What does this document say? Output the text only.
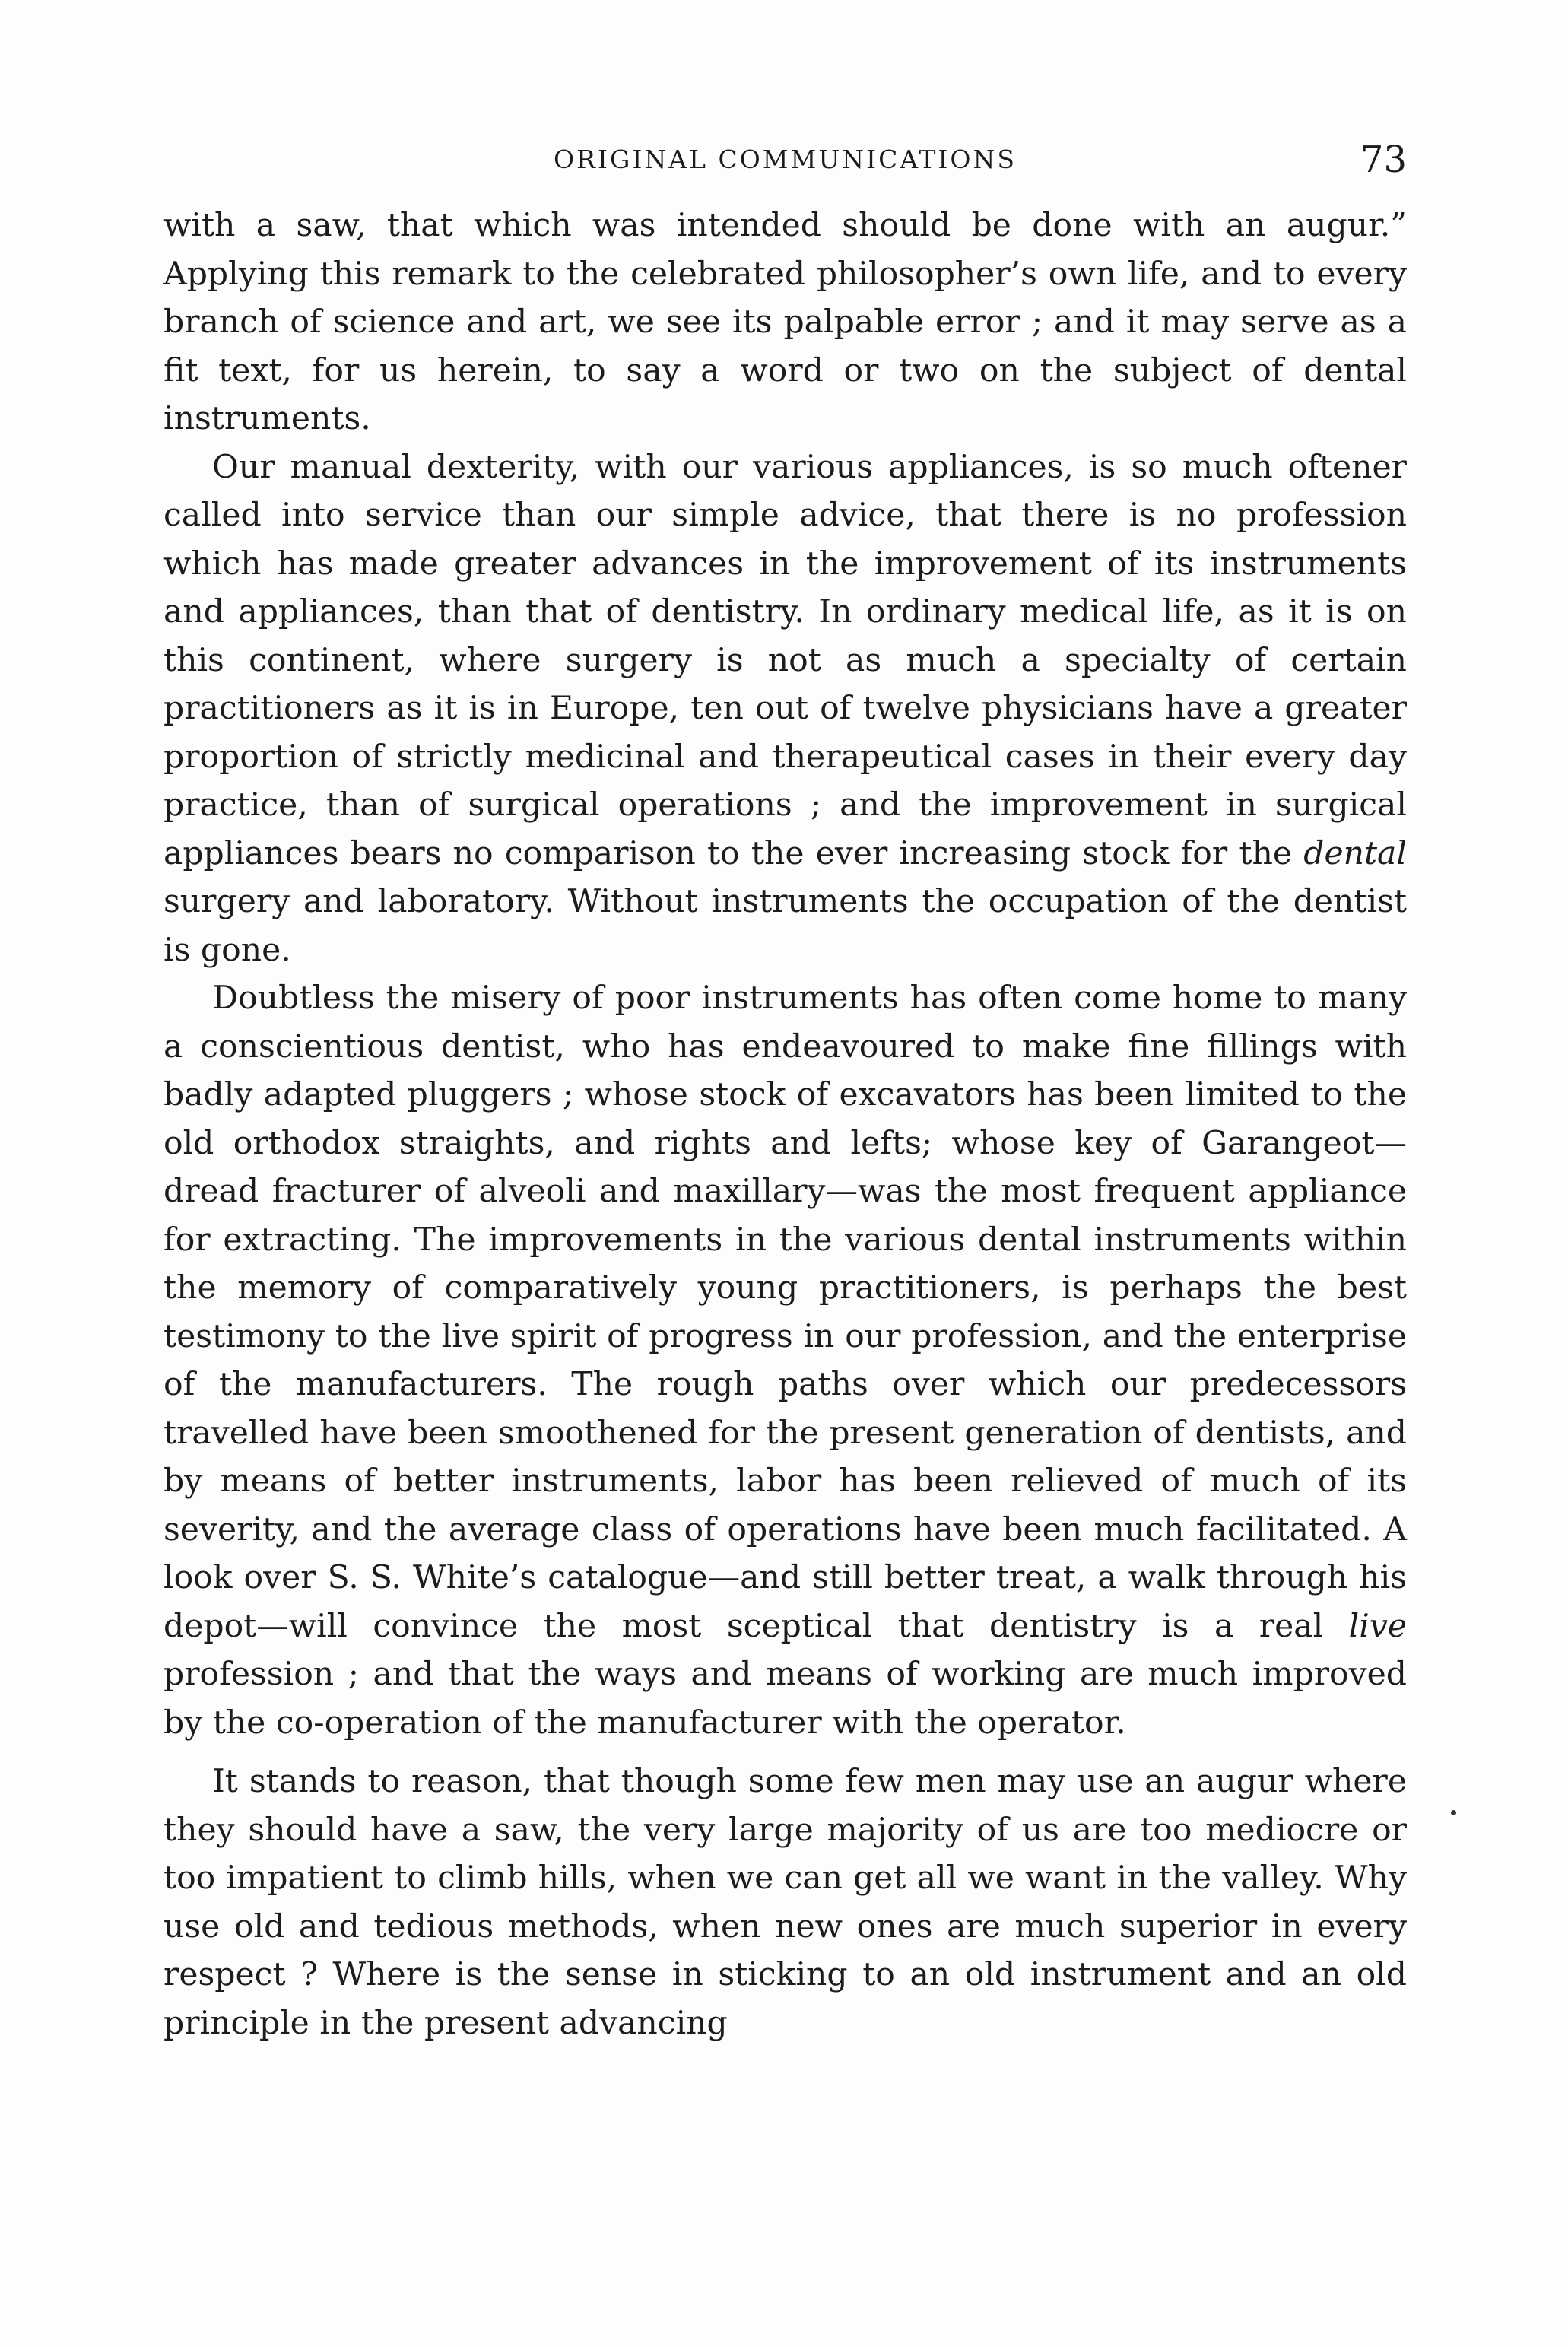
ORIGINAL COMMUNICATIONS	73

with a saw, that which was intended should be done with an augur.” Applying this remark to the celebrated philosopher’s own life, and to every branch of science and art, we see its palpable error ; and it may serve as a fit text, for us herein, to say a word or two on the subject of dental instruments.

Our manual dexterity, with our various appliances, is so much oftener called into service than our simple advice, that there is no profession which has made greater advances in the improvement of its instruments and appliances, than that of dentistry. In ordinary medical life, as it is on this continent, where surgery is not as much a specialty of certain practitioners as it is in Europe, ten out of twelve physicians have a greater proportion of strictly medicinal and therapeutical cases in their every day practice, than of surgical operations ; and the improvement in surgical appliances bears no comparison to the ever increasing stock for the dental surgery and laboratory. Without instruments the occupation of the dentist is gone.

Doubtless the misery of poor instruments has often come home to many a conscientious dentist, who has endeavoured to make fine fillings with badly adapted pluggers ; whose stock of excavators has been limited to the old orthodox straights, and rights and lefts; whose key of Garangeot—dread fracturer of alveoli and maxillary—was the most frequent appliance for extracting. The improvements in the various dental instruments within the memory of comparatively young practitioners, is perhaps the best testimony to the live spirit of progress in our profession, and the enterprise of the manufacturers. The rough paths over which our predecessors travelled have been smoothened for the present generation of dentists, and by means of better instruments, labor has been relieved of much of its severity, and the average class of operations have been much facilitated. A look over S. S. White’s catalogue—and still better treat, a walk through his depot—will convince the most sceptical that dentistry is a real live profession ; and that the ways and means of working are much improved by the co-operation of the manufacturer with the operator.

It stands to reason, that though some few men may use an augur where they should have a saw, the very large majority of us are too mediocre or too impatient to climb hills, when we can get all we want in the valley. Why use old and tedious methods, when new ones are much superior in every respect ? Where is the sense in sticking to an old instrument and an old principle in the present advancing
